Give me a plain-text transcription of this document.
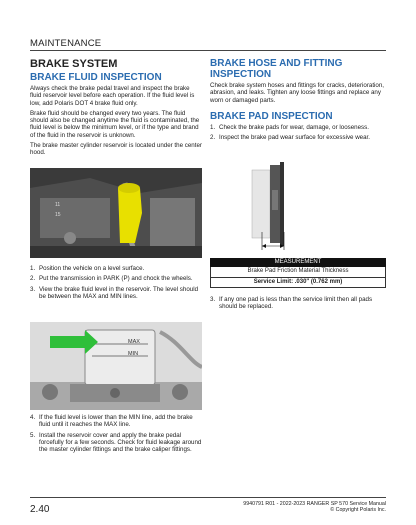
MAINTENANCE
BRAKE SYSTEM
BRAKE FLUID INSPECTION
Always check the brake pedal travel and inspect the brake fluid reservoir level before each operation. If the fluid level is low, add Polaris DOT 4 brake fluid only.
Brake fluid should be changed every two years. The fluid should also be changed anytime the fluid is contaminated, the fluid level is below the minimum level, or if the type and brand of the fluid in the reservoir is unknown.
The brake master cylinder reservoir is located under the center hood.
11
15
1. Position the vehicle on a level surface.
2. Put the transmission in PARK (P) and chock the wheels.
3. View the brake fluid level in the reservoir. The level should be between the MAX and MIN lines.
MAX
MIN
4. If the fluid level is lower than the MIN line, add the brake fluid until it reaches the MAX line.
5. Install the reservoir cover and apply the brake pedal forcefully for a few seconds. Check for fluid leakage around the master cylinder fittings and the brake caliper fittings.
BRAKE HOSE AND FITTING INSPECTION
Check brake system hoses and fittings for cracks, deterioration, abrasion, and leaks. Tighten any loose fittings and replace any worn or damaged parts.
BRAKE PAD INSPECTION
1. Check the brake pads for wear, damage, or looseness.
2. Inspect the brake pad wear surface for excessive wear.
MEASUREMENT
Brake Pad Friction Material Thickness
Service Limit: .030" (0.762 mm)
3. If any one pad is less than the service limit then all pads should be replaced.
2.40	9940791 R01 - 2022-2023 RANGER SP 570 Service Manual
© Copyright Polaris Inc.
